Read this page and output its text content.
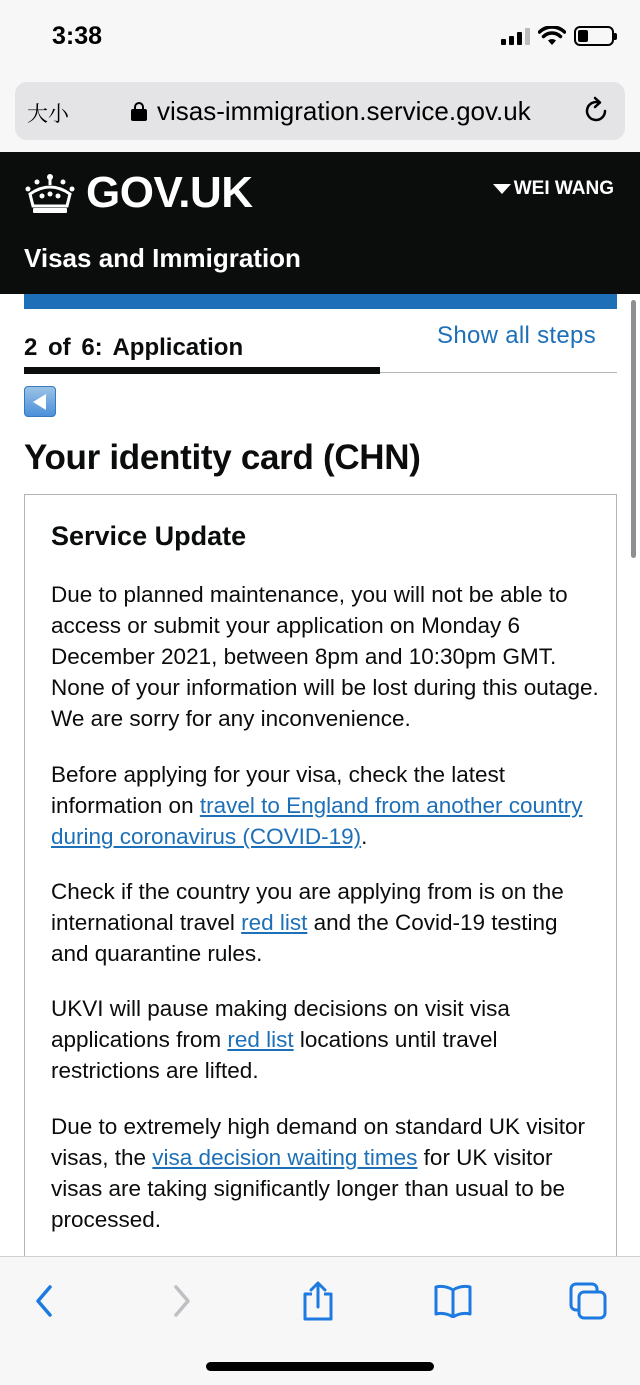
3:38
大小	visas-immigration.service.gov.uk
GOV.UK	WEI WANG
Visas and Immigration
2 of 6: Application	Show all steps
Your identity card (CHN)
Service Update

Due to planned maintenance, you will not be able to access or submit your application on Monday 6 December 2021, between 8pm and 10:30pm GMT. None of your information will be lost during this outage. We are sorry for any inconvenience.

Before applying for your visa, check the latest information on travel to England from another country during coronavirus (COVID-19).

Check if the country you are applying from is on the international travel red list and the Covid-19 testing and quarantine rules.

UKVI will pause making decisions on visit visa applications from red list locations until travel restrictions are lifted.

Due to extremely high demand on standard UK visitor visas, the visa decision waiting times for UK visitor visas are taking significantly longer than usual to be processed.
